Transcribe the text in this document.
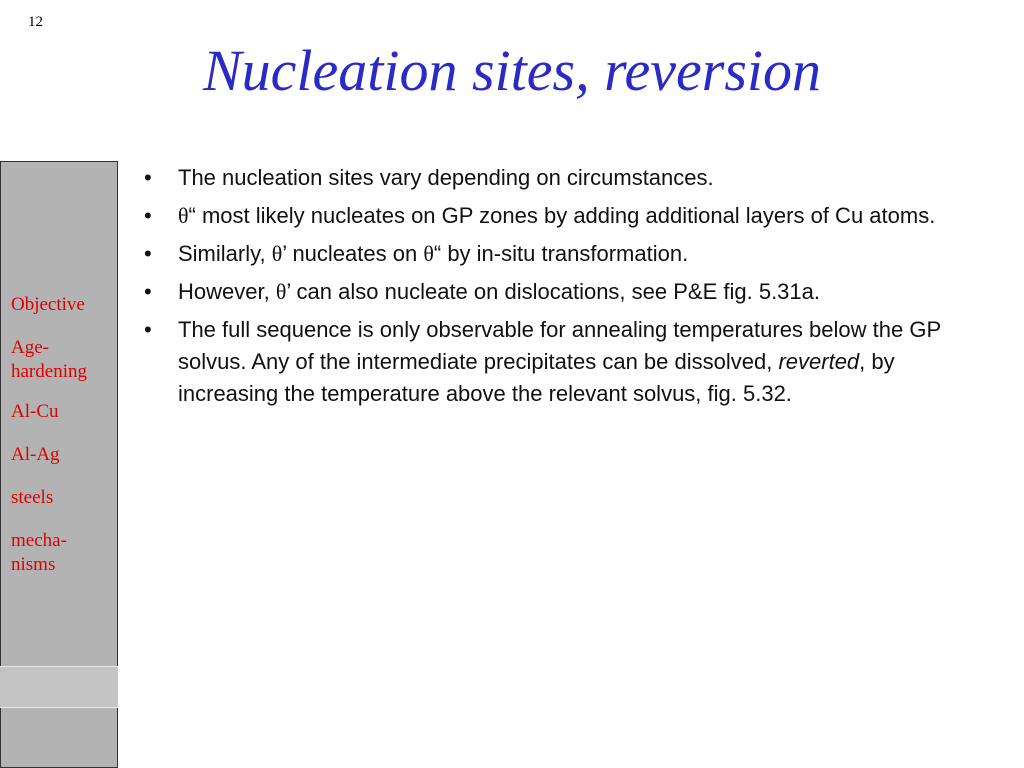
12
Nucleation sites, reversion
Objective
Age-
hardening
Al-Cu
Al-Ag
steels
mecha-
nisms
• The nucleation sites vary depending on circumstances.
• θ“ most likely nucleates on GP zones by adding additional layers of Cu atoms.
• Similarly, θ’ nucleates on θ“ by in-situ transformation.
• However, θ’ can also nucleate on dislocations, see P&E fig. 5.31a.
• The full sequence is only observable for annealing temperatures below the GP solvus. Any of the intermediate precipitates can be dissolved, reverted, by increasing the temperature above the relevant solvus, fig. 5.32.
